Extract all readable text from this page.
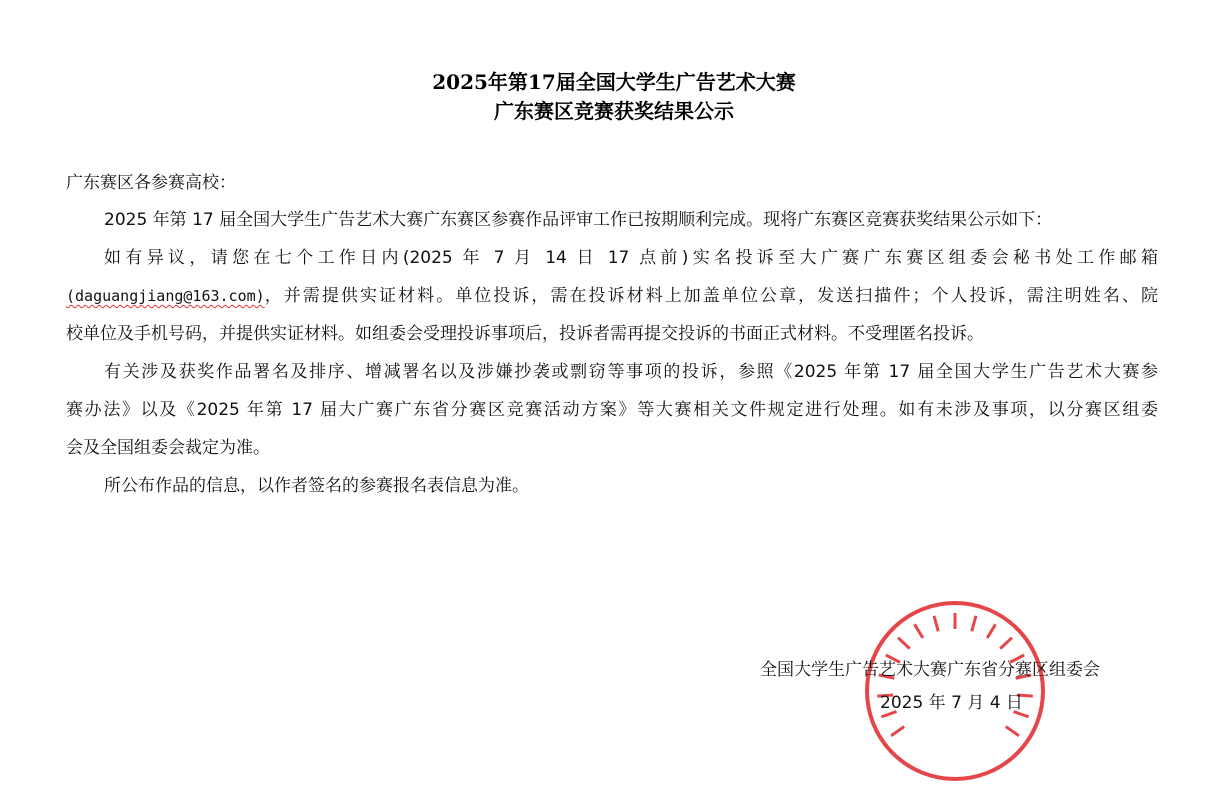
2025年第17届全国大学生广告艺术大赛
广东赛区竞赛获奖结果公示
广东赛区各参赛高校：
2025 年第 17 届全国大学生广告艺术大赛广东赛区参赛作品评审工作已按期顺利完成。现将广东赛区竞赛获奖结果公示如下：
如有异议，请您在七个工作日内(2025 年 7 月 14 日 17 点前)实名投诉至大广赛广东赛区组委会秘书处工作邮箱
(daguangjiang@163.com) ，并需提供实证材料。单位投诉，需在投诉材料上加盖单位公章，发送扫描件；个人投诉，需注明姓名、院
校单位及手机号码，并提供实证材料。如组委会受理投诉事项后，投诉者需再提交投诉的书面正式材料。不受理匿名投诉。
有关涉及获奖作品署名及排序、增减署名以及涉嫌抄袭或剽窃等事项的投诉，参照《2025 年第 17 届全国大学生广告艺术大赛参
赛办法》以及《2025 年第 17 届大广赛广东省分赛区竞赛活动方案》等大赛相关文件规定进行处理。如有未涉及事项，以分赛区组委
会及全国组委会裁定为准。
所公布作品的信息，以作者签名的参赛报名表信息为准。
全国大学生广告艺术大赛广东省分赛区组委会
2025 年 7 月 4 日
